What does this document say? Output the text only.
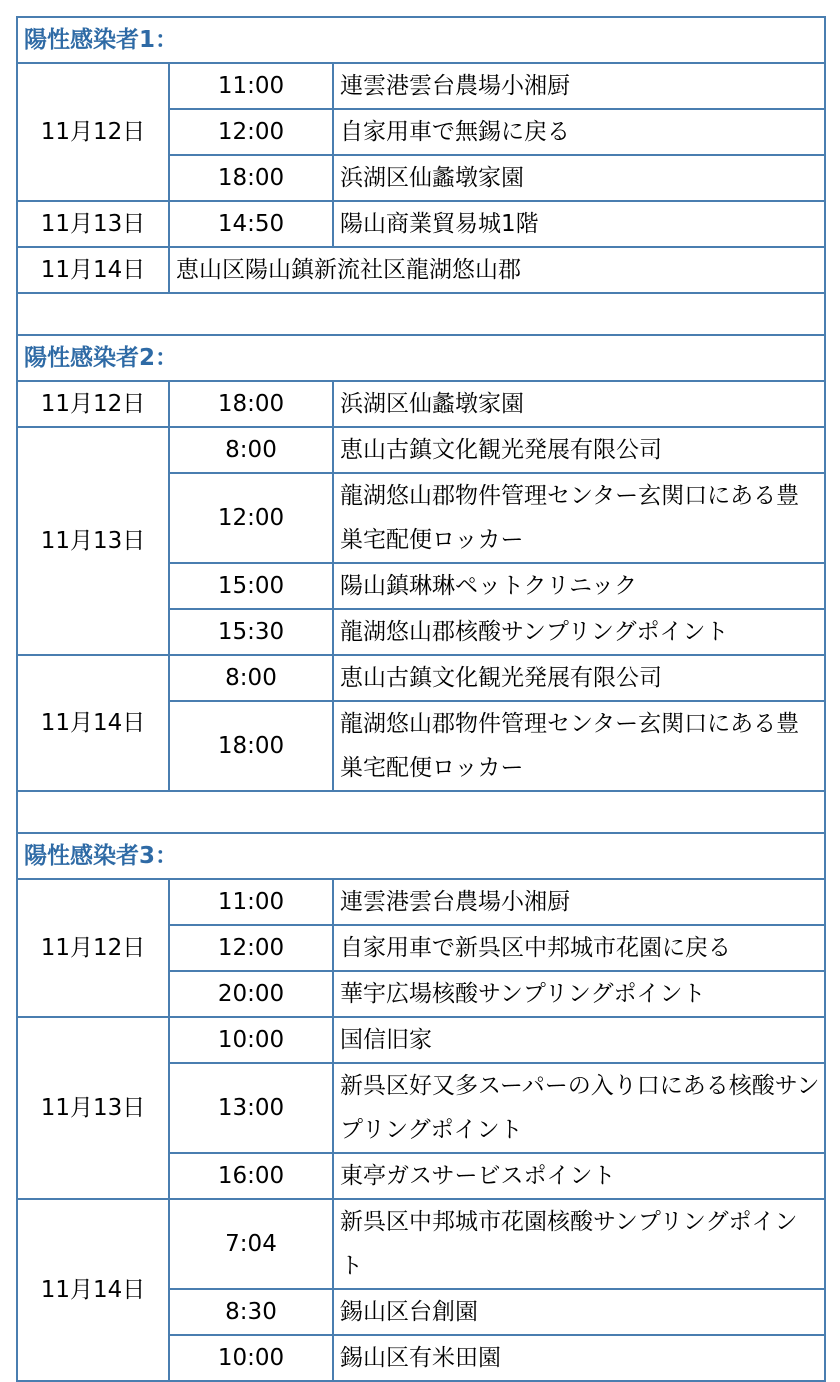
陽性感染者1：		
11月12日	11:00	連雲港雲台農場小湘厨
	12:00	自家用車で無錫に戻る
	18:00	浜湖区仙蠡墩家園
11月13日	14:50	陽山商業貿易城1階
11月14日	恵山区陽山鎮新流社区龍湖悠山郡	

陽性感染者2：		
11月12日	18:00	浜湖区仙蠡墩家園
11月13日	8:00	恵山古鎮文化観光発展有限公司
	12:00	龍湖悠山郡物件管理センター玄関口にある豊巣宅配便ロッカー
	15:00	陽山鎮琳琳ペットクリニック
	15:30	龍湖悠山郡核酸サンプリングポイント
11月14日	8:00	恵山古鎮文化観光発展有限公司
	18:00	龍湖悠山郡物件管理センター玄関口にある豊巣宅配便ロッカー

陽性感染者3：		
11月12日	11:00	連雲港雲台農場小湘厨
	12:00	自家用車で新呉区中邦城市花園に戻る
	20:00	華宇広場核酸サンプリングポイント
11月13日	10:00	国信旧家
	13:00	新呉区好又多スーパーの入り口にある核酸サンプリングポイント
	16:00	東亭ガスサービスポイント
11月14日	7:04	新呉区中邦城市花園核酸サンプリングポイント
	8:30	錫山区台創園
	10:00	錫山区有米田園
